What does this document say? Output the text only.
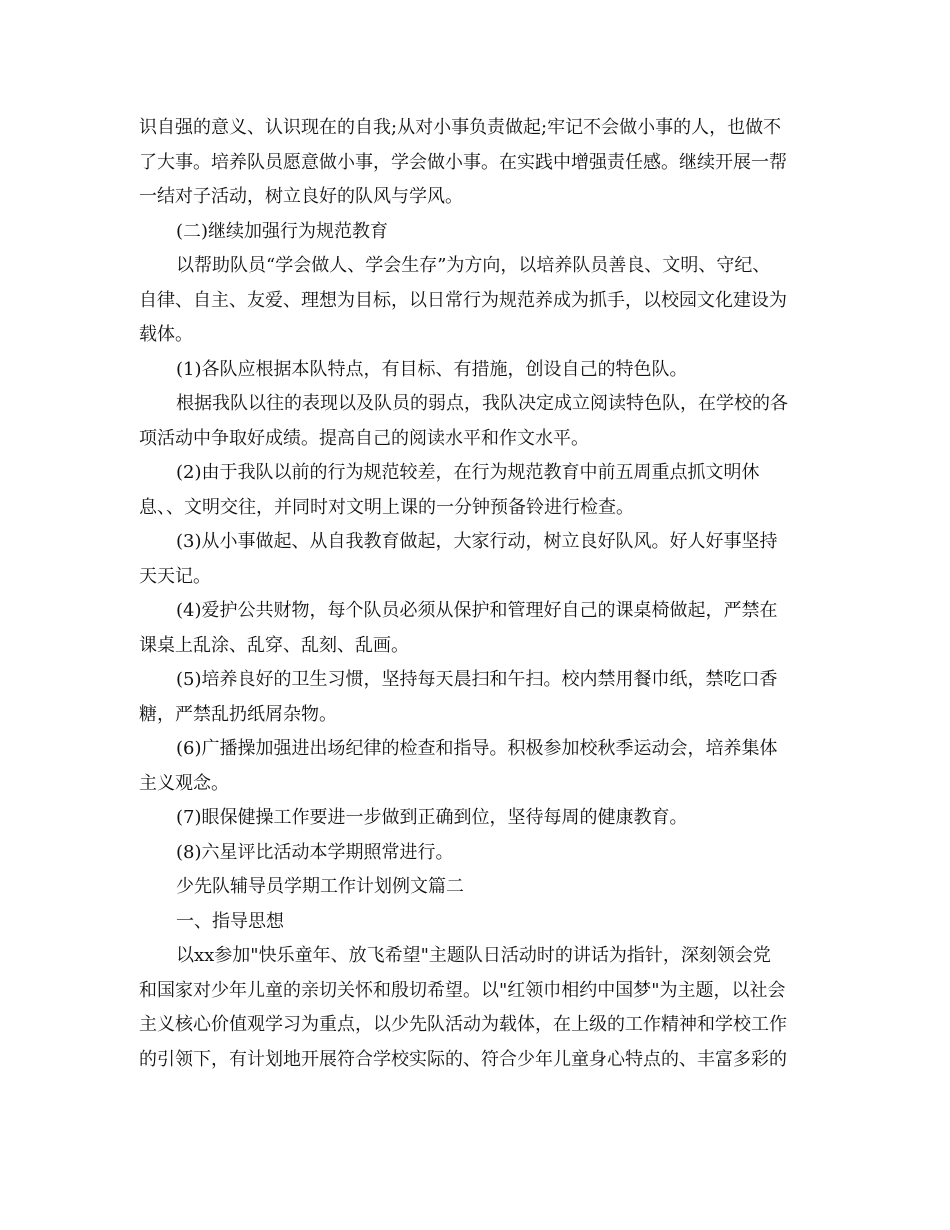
识自强的意义、认识现在的自我;从对小事负责做起;牢记不会做小事的人，也做不
了大事。培养队员愿意做小事，学会做小事。在实践中增强责任感。继续开展一帮
一结对子活动，树立良好的队风与学风。
(二)继续加强行为规范教育
以帮助队员“学会做人、学会生存”为方向，以培养队员善良、文明、守纪、
自律、自主、友爱、理想为目标，以日常行为规范养成为抓手，以校园文化建设为
载体。
(1)各队应根据本队特点，有目标、有措施，创设自己的特色队。
根据我队以往的表现以及队员的弱点，我队决定成立阅读特色队，在学校的各
项活动中争取好成绩。提高自己的阅读水平和作文水平。
(2)由于我队以前的行为规范较差，在行为规范教育中前五周重点抓文明休
息、、文明交往，并同时对文明上课的一分钟预备铃进行检查。
(3)从小事做起、从自我教育做起，大家行动，树立良好队风。好人好事坚持
天天记。
(4)爱护公共财物，每个队员必须从保护和管理好自己的课桌椅做起，严禁在
课桌上乱涂、乱穿、乱刻、乱画。
(5)培养良好的卫生习惯，坚持每天晨扫和午扫。校内禁用餐巾纸，禁吃口香
糖，严禁乱扔纸屑杂物。
(6)广播操加强进出场纪律的检查和指导。积极参加校秋季运动会，培养集体
主义观念。
(7)眼保健操工作要进一步做到正确到位，坚待每周的健康教育。
(8)六星评比活动本学期照常进行。
少先队辅导员学期工作计划例文篇二
一、指导思想
以xx参加"快乐童年、放飞希望"主题队日活动时的讲话为指针，深刻领会党
和国家对少年儿童的亲切关怀和殷切希望。以"红领巾相约中国梦"为主题，以社会
主义核心价值观学习为重点，以少先队活动为载体，在上级的工作精神和学校工作
的引领下，有计划地开展符合学校实际的、符合少年儿童身心特点的、丰富多彩的
